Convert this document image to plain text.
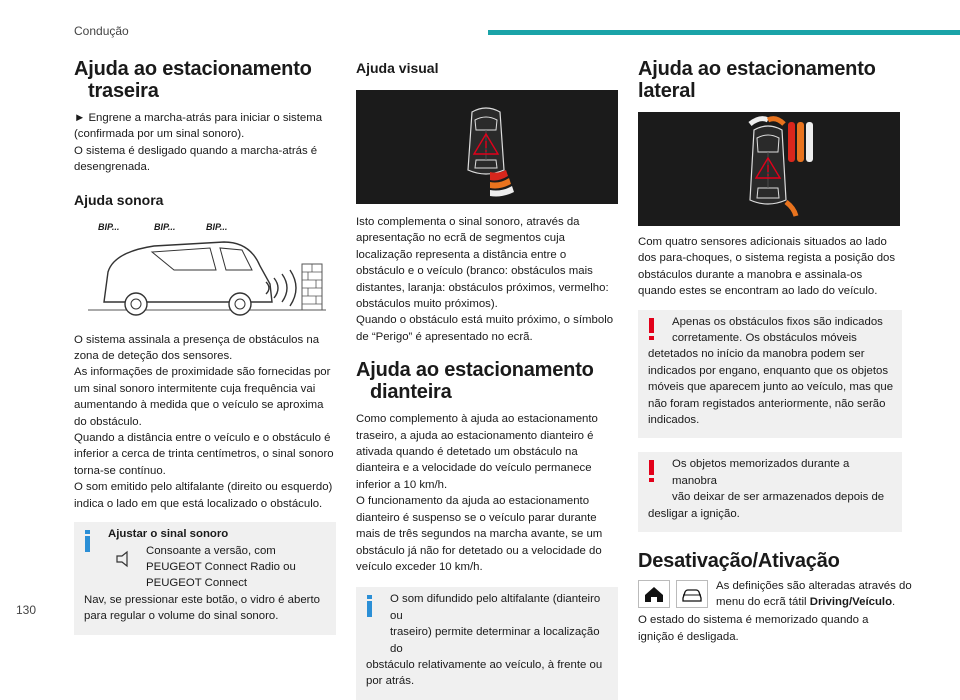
Condução
130
Ajuda ao estacionamento
traseira

► Engrene a marcha-atrás para iniciar o sistema (confirmada por um sinal sonoro).

O sistema é desligado quando a marcha-atrás é desengrenada.

Ajuda sonora
BIP...	BIP...	BIP...

O sistema assinala a presença de obstáculos na zona de deteção dos sensores.

As informações de proximidade são fornecidas por um sinal sonoro intermitente cuja frequência vai aumentando à medida que o veículo se aproxima do obstáculo.

Quando a distância entre o veículo e o obstáculo é inferior a cerca de trinta centímetros, o sinal sonoro torna-se contínuo.

O som emitido pelo altifalante (direito ou esquerdo) indica o lado em que está localizado o obstáculo.

Ajustar o sinal sonoro
Consoante a versão, com PEUGEOT Connect Radio ou PEUGEOT Connect
Nav, se pressionar este botão, o vidro é aberto para regular o volume do sinal sonoro.
Ajuda visual

Isto complementa o sinal sonoro, através da apresentação no ecrã de segmentos cuja localização representa a distância entre o obstáculo e o veículo (branco: obstáculos mais distantes, laranja: obstáculos próximos, vermelho: obstáculos muito próximos).

Quando o obstáculo está muito próximo, o símbolo de “Perigo” é apresentado no ecrã.

Ajuda ao estacionamento
dianteira

Como complemento à ajuda ao estacionamento traseiro, a ajuda ao estacionamento dianteiro é ativada quando é detetado um obstáculo na dianteira e a velocidade do veículo permanece inferior a 10 km/h.

O funcionamento da ajuda ao estacionamento dianteiro é suspenso se o veículo parar durante mais de três segundos na marcha avante, se um obstáculo já não for detetado ou a velocidade do veículo exceder 10 km/h.

O som difundido pelo altifalante (dianteiro ou
traseiro) permite determinar a localização do
obstáculo relativamente ao veículo, à frente ou por atrás.
Ajuda ao estacionamento lateral

Com quatro sensores adicionais situados ao lado dos para-choques, o sistema regista a posição dos obstáculos durante a manobra e assinala-os quando estes se encontram ao lado do veículo.

Apenas os obstáculos fixos são indicados
corretamente. Os obstáculos móveis
detetados no início da manobra podem ser indicados por engano, enquanto que os objetos móveis que aparecem junto ao veículo, mas que não foram registados anteriormente, não serão indicados.
Os objetos memorizados durante a manobra
vão deixar de ser armazenados depois de
desligar a ignição.
Desativação/Ativação
As definições são alteradas através do
menu do ecrã tátil Driving/Veículo.

O estado do sistema é memorizado quando a ignição é desligada.
